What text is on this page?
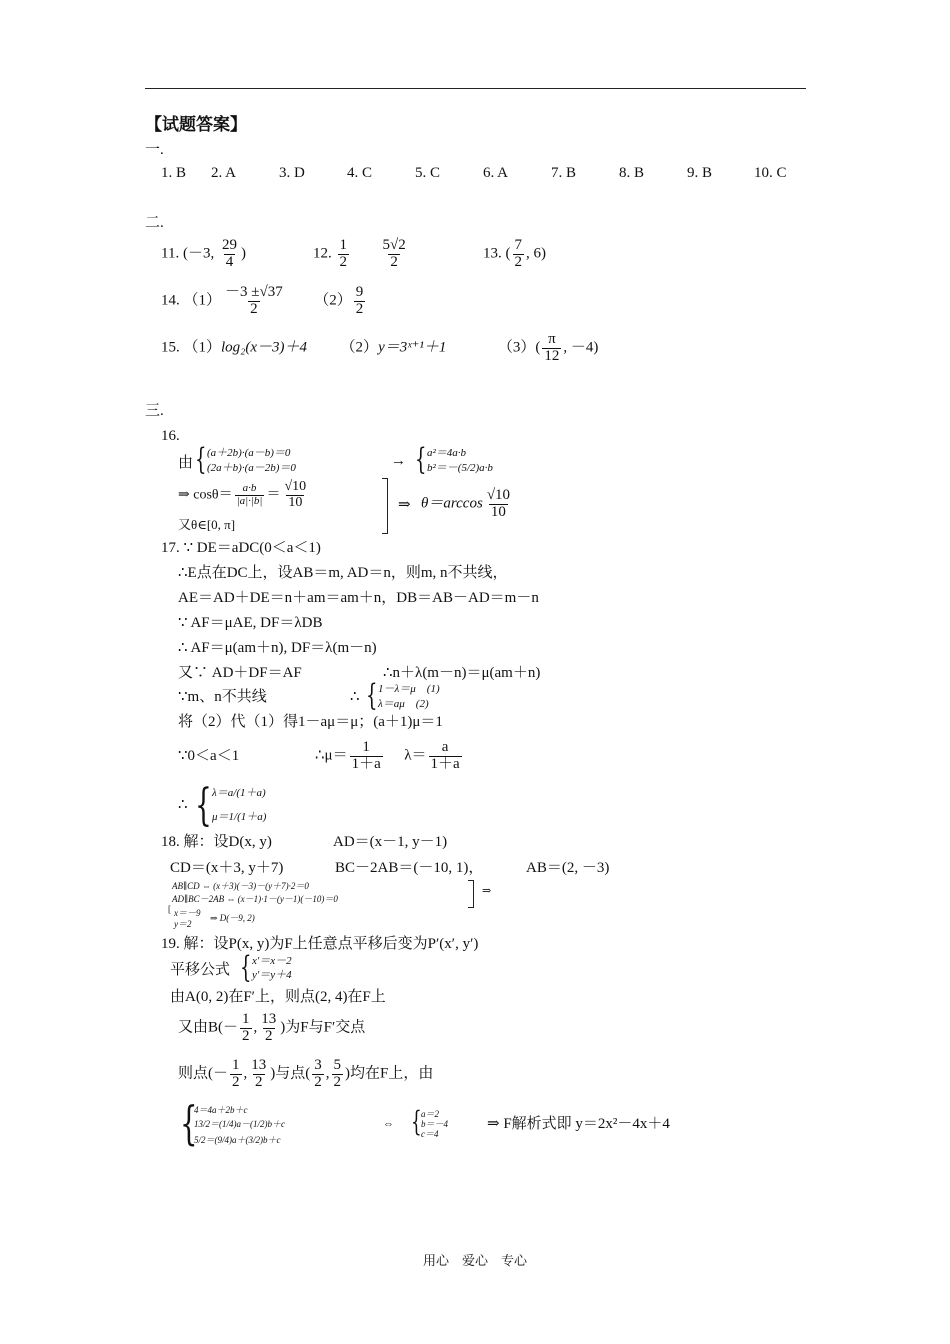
【试题答案】
一.
1. B 2. A	3. D	4. C	5. C	6. A	7. B	8. B	9. B	10. C
二.
11. (－3, $\frac{29}{4}$ )	12. $\frac{1}{2}$
$\frac{5√2}{2}$	13. ( $\frac{7}{2}$ , 6)
14. $(1) \frac{-3 \pm√37}{2} (2) \frac{9}{2}$
15. （1）log₂(x－3)＋4 （2）y＝3ˣ⁺¹＋1	$(3)( \frac{\pi}{12}$ , －4)
三.
16.
由 { (a＋2b)·(a－b)＝0
(2a＋b)·(a－2b)＝0	→ { a²＝4a·b
b²＝－(5/2)a·b
⇒ $\cos\theta= \frac{a\cdot b}{|a|\cdot|b|} = \frac{√10}{10}$
又θ∈[0, π]
⇒ $\theta=\arccos \frac{√10}{10}$
17. ∵ DE＝aDC(0＜a＜1)
∴E点在DC上，设AB＝m, AD＝n，则m, n不共线，
AE＝AD＋DE＝n＋am＝am＋n，DB＝AB－AD＝m－n
∵ AF＝μAE, DF＝λDB
∴ AF＝μ(am＋n), DF＝λ(m－n)
又∵ AD＋DF＝AF	∴n＋λ(m－n)＝μ(am＋n)
∵m、n不共线	∴ { 1－λ＝μ　(1)
λ＝aμ　(2)
将（2）代（1）得1－aμ＝μ；(a＋1)μ＝1
∵0＜a＜1	∴μ＝ $\frac{1}{1+a} \lambda= \frac{a}{1+a}$
∴ { λ＝a/(1＋a)
μ＝1/(1＋a)
18. 解：设D(x, y)	AD＝(x－1, y－1)
CD＝(x＋3, y＋7)	BC－2AB＝(－10, 1)，	AB＝(2, －3)
AB∥CD ⇔ (x＋3)(－3)－(y＋7)·2＝0
AD∥BC－2AB ⇔ (x－1)·1－(y－1)(－10)＝0
⇒
[ x＝－9
y＝2
⇒ D(－9, 2)
19. 解：设P(x, y)为F上任意点平移后变为P′(x′, y′)
平移公式 { x′＝x－2
y′＝y＋4
由A(0, 2)在F′上，则点(2, 4)在F上
又由$B(- \frac{1}{2}$ , $\frac{13}{2}$ )为F与F′交点
则点(－ $\frac{1}{2}$ , $\frac{13}{2}$ )与点( $\frac{3}{2}$ , $\frac{5}{2}$ )均在F上，由
{
4＝4a＋2b＋c
13/2＝(1/4)a－(1/2)b＋c
5/2＝(9/4)a＋(3/2)b＋c
⇔ { a＝2
b＝－4
c＝4
⇒ F解析式即 y＝2x²－4x＋4
用心　爱心　专心
